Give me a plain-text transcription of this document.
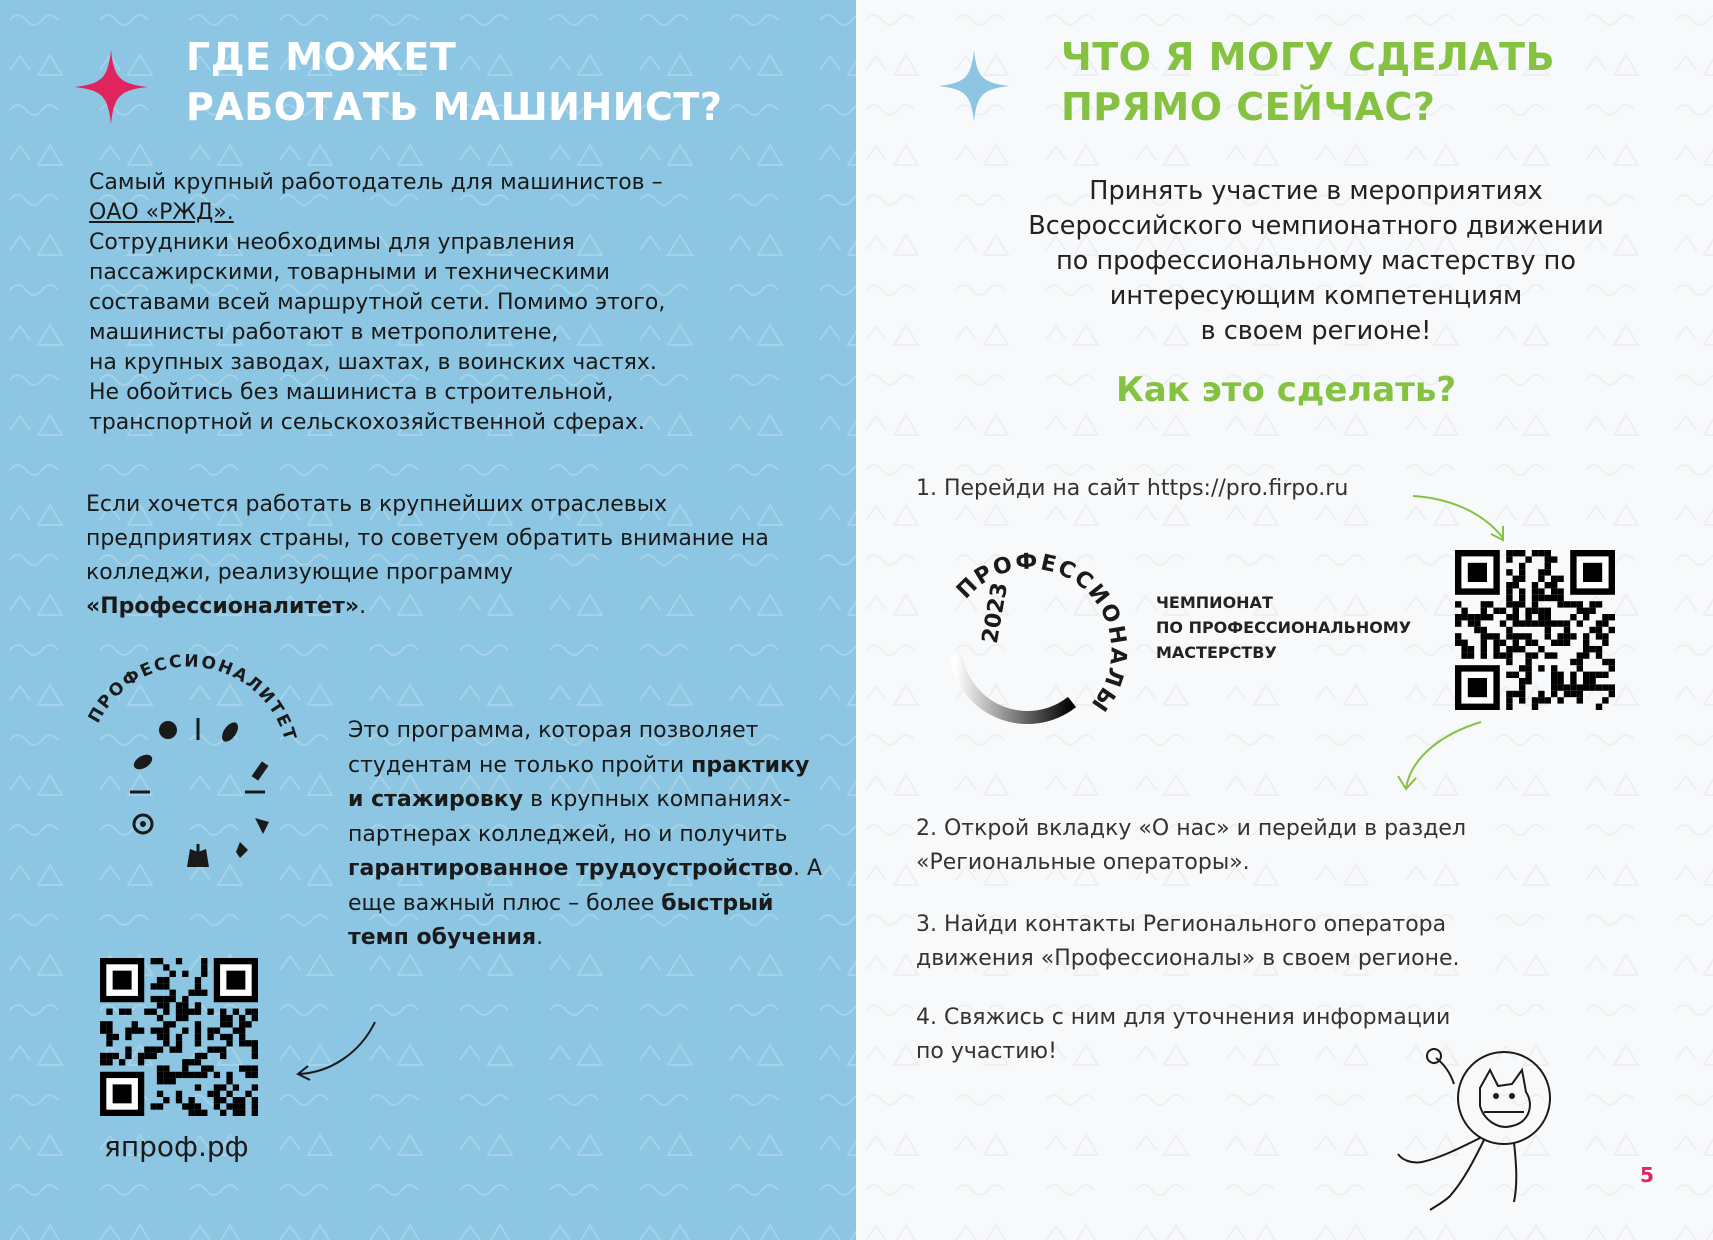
ГДЕ МОЖЕТ
РАБОТАТЬ МАШИНИСТ?
Самый крупный работодатель для машинистов –
ОАО «РЖД».
Сотрудники необходимы для управления
пассажирскими, товарными и техническими
составами всей маршрутной сети. Помимо этого,
машинисты работают в метрополитене,
на крупных заводах, шахтах, в воинских частях.
Не обойтись без машиниста в строительной,
транспортной и сельскохозяйственной сферах.
Если хочется работать в крупнейших отраслевых предприятиях страны, то советуем обратить внимание на колледжи, реализующие программу «Профессионалитет».
ПРОФЕССИОНАЛИТЕТ Это программа, которая позволяет студентам не только пройти практику и стажировку в крупных компаниях-партнерах колледжей, но и получить гарантированное трудоустройство. А еще важный плюс – более быстрый темп обучения.
япроф.рф
ЧТО Я МОГУ СДЕЛАТЬ
ПРЯМО СЕЙЧАС?
Принять участие в мероприятиях
Всероссийского чемпионатного движении
по профессиональному мастерству по
интересующим компетенциям
в своем регионе!
Как это сделать?
1. Перейди на сайт https://pro.firpo.ru
ПРОФЕССИОНАЛЫ
2023	ЧЕМПИОНАТ
ПО ПРОФЕССИОНАЛЬНОМУ
МАСТЕРСТВУ
2. Открой вкладку «О нас» и перейди в раздел
«Региональные операторы».
3. Найди контакты Регионального оператора
движения «Профессионалы» в своем регионе.
4. Свяжись с ним для уточнения информации
по участию!
5
